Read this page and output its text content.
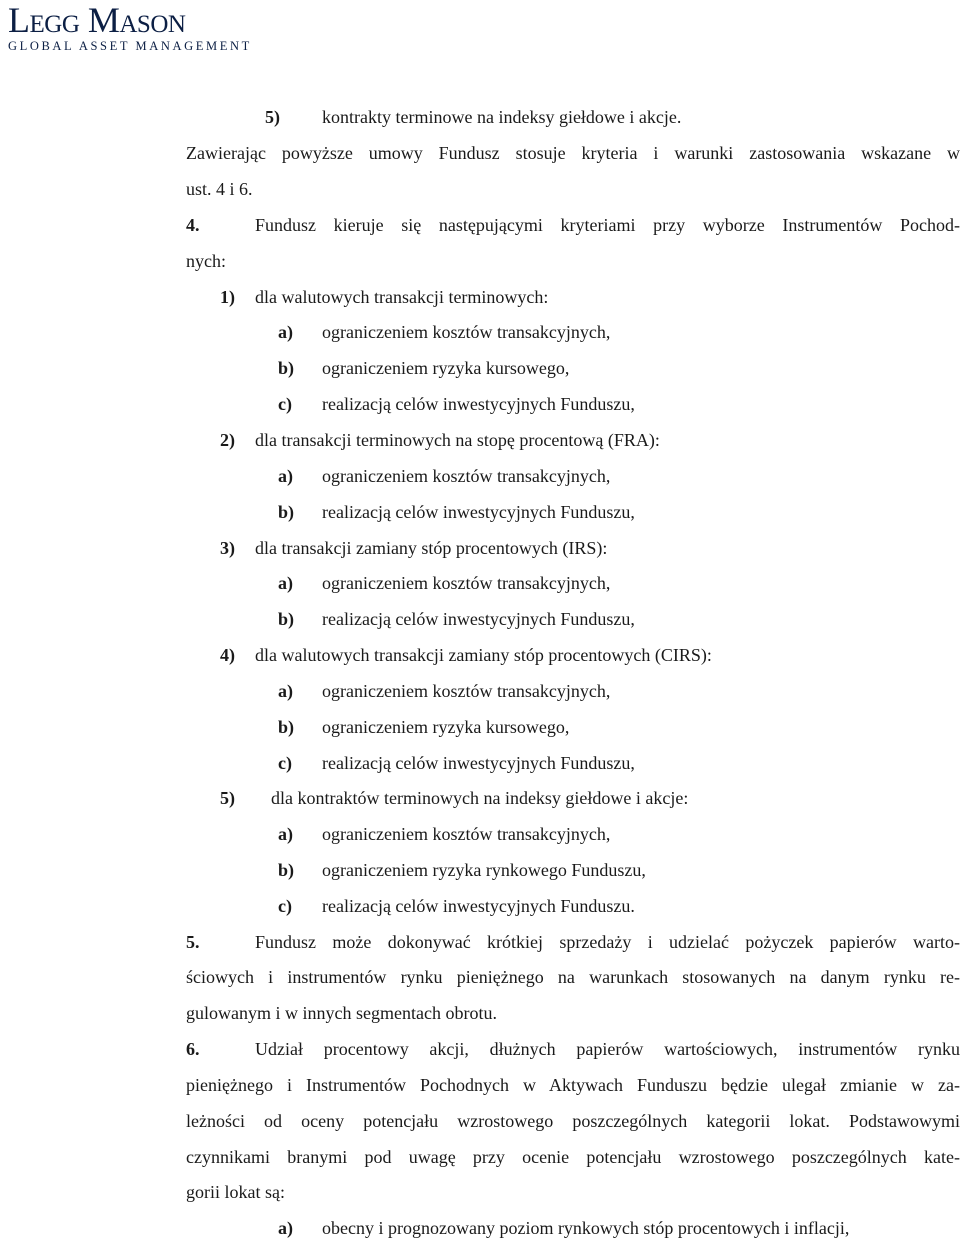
Legg Mason
GLOBAL ASSET MANAGEMENT
5) kontrakty terminowe na indeksy giełdowe i akcje.
Zawierając powyższe umowy Fundusz stosuje kryteria i warunki zastosowania wskazane w
ust. 4 i 6.
4.	Fundusz kieruje się następującymi kryteriami przy wyborze Instrumentów Pochod-
nych:
1) dla walutowych transakcji terminowych:
a) ograniczeniem kosztów transakcyjnych,
b) ograniczeniem ryzyka kursowego,
c) realizacją celów inwestycyjnych Funduszu,
2) dla transakcji terminowych na stopę procentową (FRA):
a) ograniczeniem kosztów transakcyjnych,
b) realizacją celów inwestycyjnych Funduszu,
3) dla transakcji zamiany stóp procentowych (IRS):
a) ograniczeniem kosztów transakcyjnych,
b) realizacją celów inwestycyjnych Funduszu,
4) dla walutowych transakcji zamiany stóp procentowych (CIRS):
a) ograniczeniem kosztów transakcyjnych,
b) ograniczeniem ryzyka kursowego,
c) realizacją celów inwestycyjnych Funduszu,
5) dla kontraktów terminowych na indeksy giełdowe i akcje:
a) ograniczeniem kosztów transakcyjnych,
b) ograniczeniem ryzyka rynkowego Funduszu,
c) realizacją celów inwestycyjnych Funduszu.
5.	Fundusz może dokonywać krótkiej sprzedaży i udzielać pożyczek papierów warto-
ściowych i instrumentów rynku pieniężnego na warunkach stosowanych na danym rynku re-
gulowanym i w innych segmentach obrotu.
6.	Udział procentowy akcji, dłużnych papierów wartościowych, instrumentów rynku
pieniężnego i Instrumentów Pochodnych w Aktywach Funduszu będzie ulegał zmianie w za-
leżności od oceny potencjału wzrostowego poszczególnych kategorii lokat. Podstawowymi
czynnikami branymi pod uwagę przy ocenie potencjału wzrostowego poszczególnych kate-
gorii lokat są:
a) obecny i prognozowany poziom rynkowych stóp procentowych i inflacji,
